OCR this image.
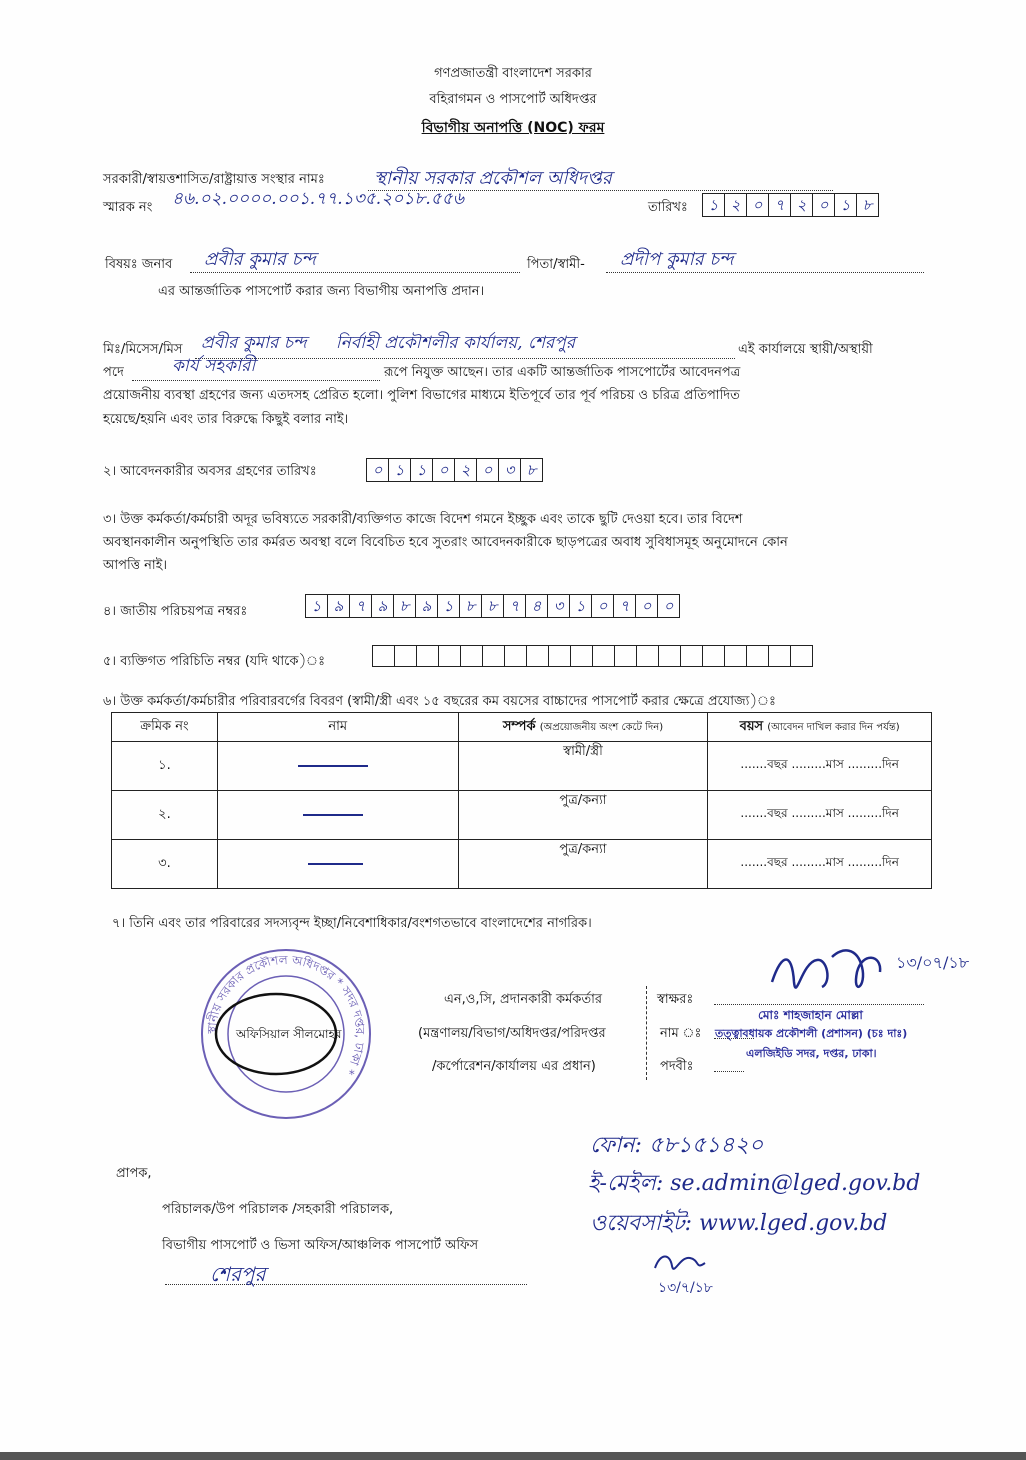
গণপ্রজাতন্ত্রী বাংলাদেশ সরকার
বহিরাগমন ও পাসপোর্ট অধিদপ্তর
বিভাগীয় অনাপত্তি (NOC) ফরম
সরকারী/স্বায়ত্তশাসিত/রাষ্ট্রায়াত্ত সংস্থার নামঃ	স্থানীয় সরকার প্রকৌশল অধিদপ্তর
স্মারক নং ৪৬.০২.০০০০.০০১.৭৭.১৩৫.২০১৮.৫৫৬	তারিখঃ	১ ২ ০ ৭ ২ ০ ১ ৮
বিষয়ঃ জনাব	প্রবীর কুমার চন্দ	পিতা/স্বামী-	প্রদীপ কুমার চন্দ
এর আন্তর্জাতিক পাসপোর্ট করার জন্য বিভাগীয় অনাপত্তি প্রদান।
মিঃ/মিসেস/মিস	প্রবীর কুমার চন্দ নির্বাহী প্রকৌশলীর কার্যালয়, শেরপুর	এই কার্যালয়ে স্থায়ী/অস্থায়ী
পদে	কার্য সহকারী	রূপে নিযুক্ত আছেন। তার একটি আন্তর্জাতিক পাসপোর্টের আবেদনপত্র
প্রয়োজনীয় ব্যবস্থা গ্রহণের জন্য এতদসহ প্রেরিত হলো। পুলিশ বিভাগের মাধ্যমে ইতিপূর্বে তার পূর্ব পরিচয় ও চরিত্র প্রতিপাদিত
হয়েছে/হয়নি এবং তার বিরুদ্ধে কিছুই বলার নাই।
২। আবেদনকারীর অবসর গ্রহণের তারিখঃ	০ ১ ১ ০ ২ ০ ৩ ৮
৩। উক্ত কর্মকর্তা/কর্মচারী অদূর ভবিষ্যতে সরকারী/ব্যক্তিগত কাজে বিদেশ গমনে ইচ্ছুক এবং তাকে ছুটি দেওয়া হবে। তার বিদেশ
অবস্থানকালীন অনুপস্থিতি তার কর্মরত অবস্থা বলে বিবেচিত হবে সুতরাং আবেদনকারীকে ছাড়পত্রের অবাধ সুবিধাসমূহ অনুমোদনে কোন
আপত্তি নাই।
৪। জাতীয় পরিচয়পত্র নম্বরঃ	১ ৯ ৭ ৯ ৮ ৯ ১ ৮ ৮ ৭ ৪ ৩ ১ ০ ৭ ০ ০
৫। ব্যক্তিগত পরিচিতি নম্বর (যদি থাকে)ঃ
৬। উক্ত কর্মকর্তা/কর্মচারীর পরিবারবর্গের বিবরণ (স্বামী/স্ত্রী এবং ১৫ বছরের কম বয়সের বাচ্চাদের পাসপোর্ট করার ক্ষেত্রে প্রযোজ্য)ঃ
ক্রমিক নং	নাম	সম্পর্ক (অপ্রয়োজনীয় অংশ কেটে দিন)	বয়স (আবেদন দাখিল করার দিন পর্যন্ত)
১.		স্বামী/স্ত্রী	.......বছর .........মাস .........দিন
২.		পুত্র/কন্যা	.......বছর .........মাস .........দিন
৩.		পুত্র/কন্যা	.......বছর .........মাস .........দিন
৭। তিনি এবং তার পরিবারের সদস্যবৃন্দ ইচ্ছা/নিবেশাধিকার/বংশগতভাবে বাংলাদেশের নাগরিক।
স্থানীয় সরকার প্রকৌশল অধিদপ্তর * সদর দপ্তর, ঢাকা *
অফিসিয়াল সীলমোহর
এন,ও,সি, প্রদানকারী কর্মকর্তার
(মন্ত্রণালয়/বিভাগ/অধিদপ্তর/পরিদপ্তর
/কর্পোরেশন/কার্যালয় এর প্রধান)
স্বাক্ষরঃ
১৩/০৭/১৮
নাম ঃ
মোঃ শাহজাহান মোল্লা
তত্ত্বাবধায়ক প্রকৌশলী (প্রশাসন) (চঃ দাঃ)
পদবীঃ
এলজিইডি সদর, দপ্তর, ঢাকা।
ফোন: ৫৮১৫১৪২০
ই-মেইল: se.admin@lged.gov.bd
ওয়েবসাইট: www.lged.gov.bd
১৩/৭/১৮
প্রাপক,
পরিচালক/উপ পরিচালক /সহকারী পরিচালক,
বিভাগীয় পাসপোর্ট ও ভিসা অফিস/আঞ্চলিক পাসপোর্ট অফিস
শেরপুর
